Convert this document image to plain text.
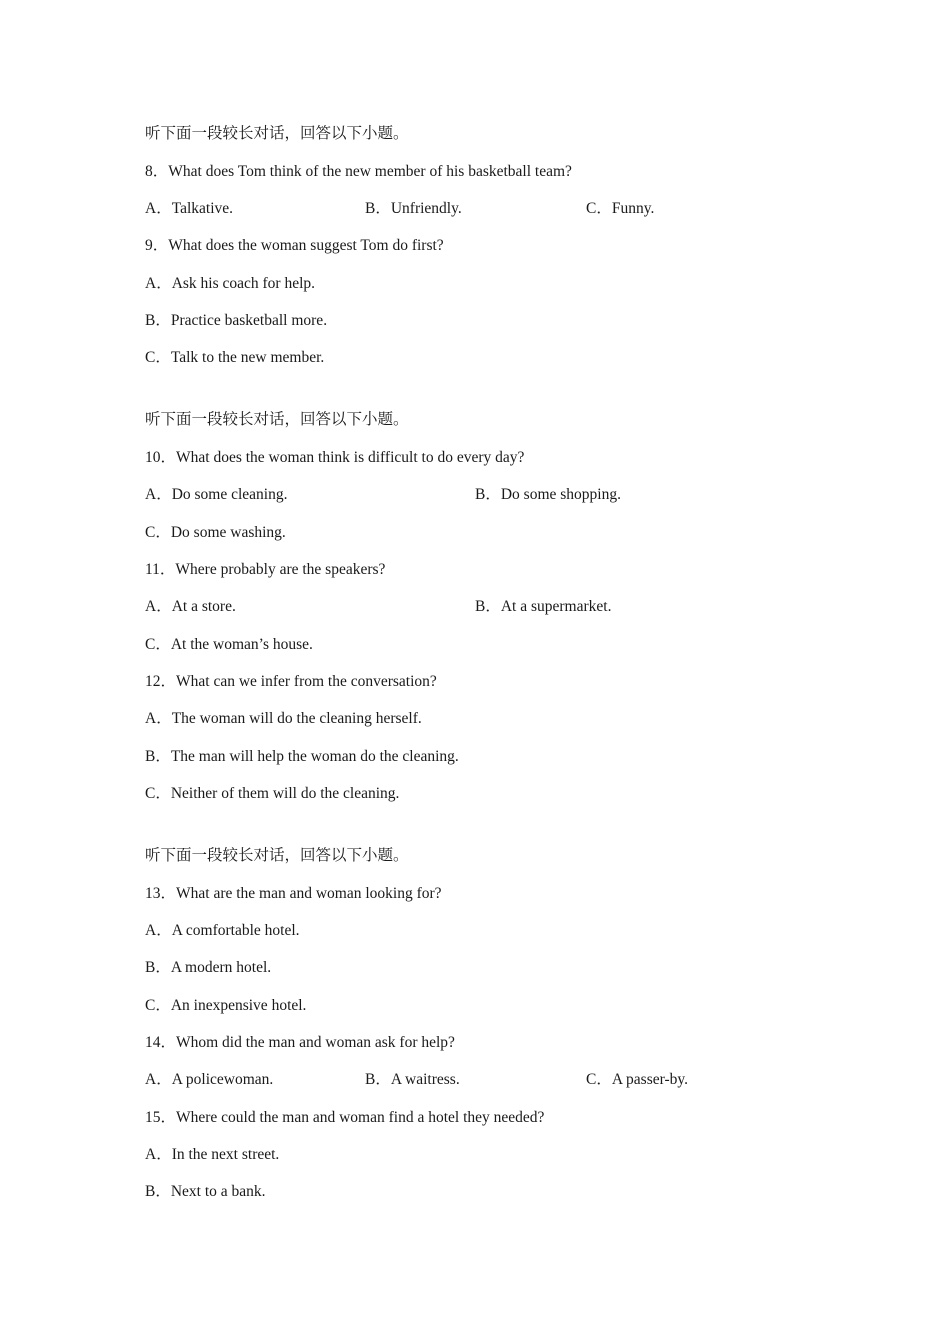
听下面一段较长对话，回答以下小题。
8．What does Tom think of the new member of his basketball team?
A．Talkative.	B．Unfriendly.	C．Funny.
9．What does the woman suggest Tom do first?
A．Ask his coach for help.
B．Practice basketball more.
C．Talk to the new member.
听下面一段较长对话，回答以下小题。
10．What does the woman think is difficult to do every day?
A．Do some cleaning.	B．Do some shopping.
C．Do some washing.
11．Where probably are the speakers?
A．At a store.	B．At a supermarket.
C．At the woman’s house.
12．What can we infer from the conversation?
A．The woman will do the cleaning herself.
B．The man will help the woman do the cleaning.
C．Neither of them will do the cleaning.
听下面一段较长对话，回答以下小题。
13．What are the man and woman looking for?
A．A comfortable hotel.
B．A modern hotel.
C．An inexpensive hotel.
14．Whom did the man and woman ask for help?
A．A policewoman.	B．A waitress.	C．A passer-by.
15．Where could the man and woman find a hotel they needed?
A．In the next street.
B．Next to a bank.
